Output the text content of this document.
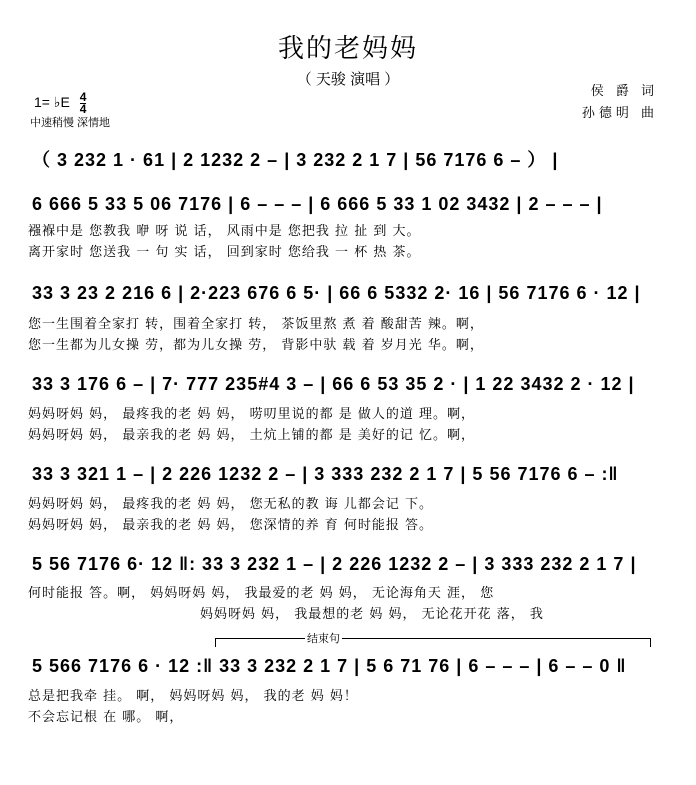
我的老妈妈
（ 天骏 演唱 ）
1= ♭E $\frac{4}{4}$
中速稍慢 深情地
侯 爵 词
孙德明 曲
（ 3 232 1 · 61 | 2 1232 2 – | 3 232 2 1 7 | 56 7176 6 – ） |
6 666 5 33 5 06 7176 | 6 – – – | 6 666 5 33 1 02 3432 | 2 – – – |
襁褓中是 您教我 咿 呀 说 话， 风雨中是 您把我 拉 扯 到 大。
离开家时 您送我 一 句 实 话， 回到家时 您给我 一 杯 热 茶。
33 3 23 2 216 6 | 2·223 676 6 5· | 66 6 5332 2· 16 | 56 7176 6 · 12 |
您一生围着全家打 转，围着全家打 转， 茶饭里熬 煮 着 酸甜苦 辣。啊，
您一生都为儿女操 劳，都为儿女操 劳， 背影中驮 载 着 岁月光 华。啊，
33 3 176 6 – | 7· 777 235#4 3 – | 66 6 53 35 2 · | 1 22 3432 2 · 12 |
妈妈呀妈 妈， 最疼我的老 妈 妈， 唠叨里说的都 是 做人的道 理。啊，
妈妈呀妈 妈， 最亲我的老 妈 妈， 土炕上铺的都 是 美好的记 忆。啊，
33 3 321 1 – | 2 226 1232 2 – | 3 333 232 2 1 7 | 5 56 7176 6 – :‖
妈妈呀妈 妈， 最疼我的老 妈 妈， 您无私的教 诲 儿都会记 下。
妈妈呀妈 妈， 最亲我的老 妈 妈， 您深情的养 育 何时能报 答。
5 56 7176 6· 12 ‖: 33 3 232 1 – | 2 226 1232 2 – | 3 333 232 2 1 7 |
何时能报 答。啊， 妈妈呀妈 妈， 我最爱的老 妈 妈， 无论海角天 涯， 您
妈妈呀妈 妈， 我最想的老 妈 妈， 无论花开花 落， 我
结束句
5 566 7176 6 · 12 :‖ 33 3 232 2 1 7 | 5 6 71 76 | 6 – – – | 6 – – 0 ‖
总是把我牵 挂。 啊， 妈妈呀妈 妈， 我的老 妈 妈！
不会忘记根 在 哪。 啊，
